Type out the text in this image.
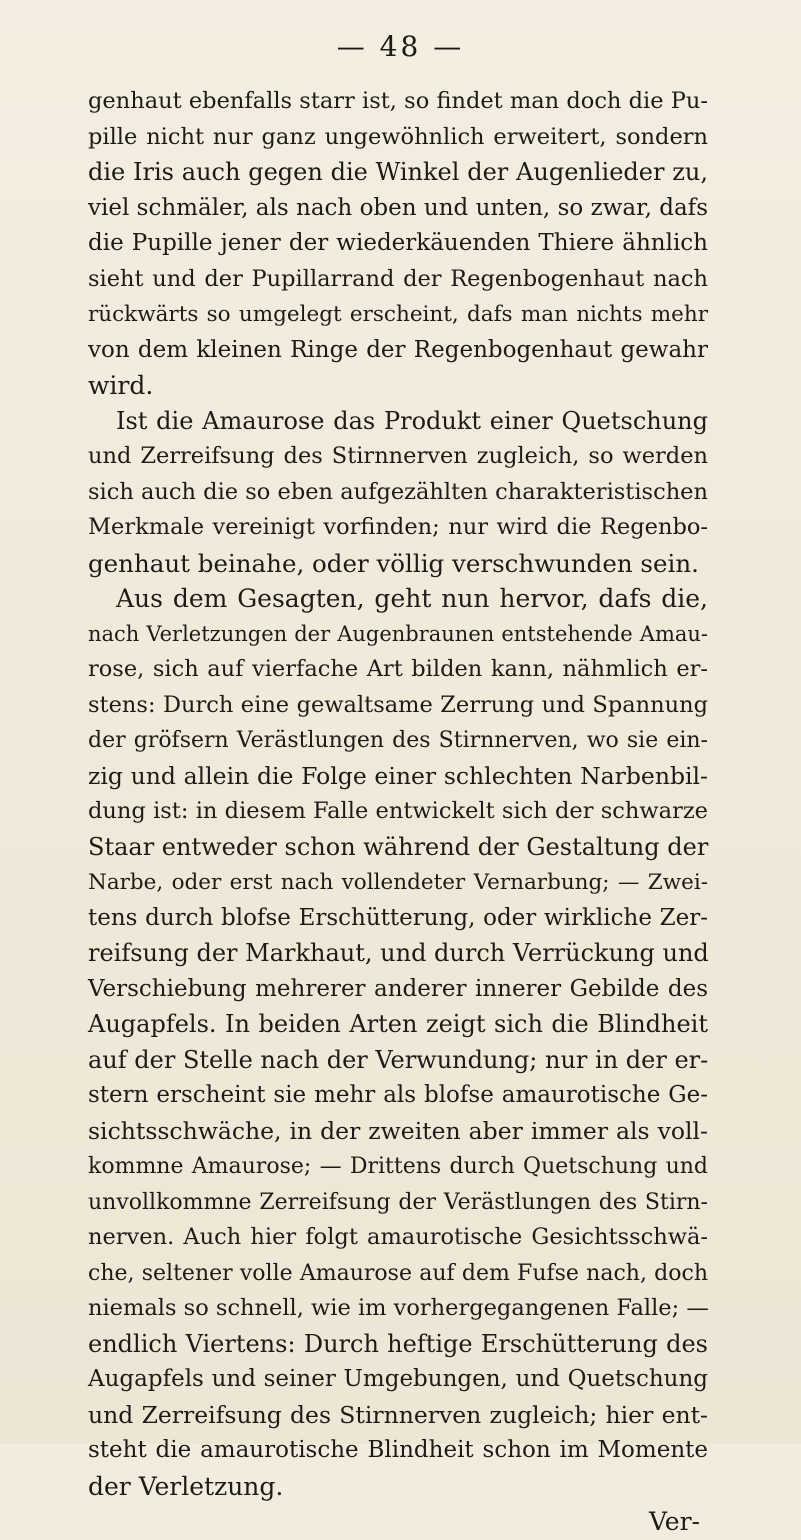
— 48 —
genhaut ebenfalls starr ist, so findet man doch die Pu-
pille nicht nur ganz ungewöhnlich erweitert, sondern
die Iris auch gegen die Winkel der Augenlieder zu,
viel schmäler, als nach oben und unten, so zwar, dafs
die Pupille jener der wiederkäuenden Thiere ähnlich
sieht und der Pupillarrand der Regenbogenhaut nach
rückwärts so umgelegt erscheint, dafs man nichts mehr
von dem kleinen Ringe der Regenbogenhaut gewahr
wird.
Ist die Amaurose das Produkt einer Quetschung
und Zerreifsung des Stirnnerven zugleich, so werden
sich auch die so eben aufgezählten charakteristischen
Merkmale vereinigt vorfinden; nur wird die Regenbo-
genhaut beinahe, oder völlig verschwunden sein.
Aus dem Gesagten, geht nun hervor, dafs die,
nach Verletzungen der Augenbraunen entstehende Amau-
rose, sich auf vierfache Art bilden kann, nähmlich er-
stens: Durch eine gewaltsame Zerrung und Spannung
der gröfsern Verästlungen des Stirnnerven, wo sie ein-
zig und allein die Folge einer schlechten Narbenbil-
dung ist: in diesem Falle entwickelt sich der schwarze
Staar entweder schon während der Gestaltung der
Narbe, oder erst nach vollendeter Vernarbung; — Zwei-
tens durch blofse Erschütterung, oder wirkliche Zer-
reifsung der Markhaut, und durch Verrückung und
Verschiebung mehrerer anderer innerer Gebilde des
Augapfels. In beiden Arten zeigt sich die Blindheit
auf der Stelle nach der Verwundung; nur in der er-
stern erscheint sie mehr als blofse amaurotische Ge-
sichtsschwäche, in der zweiten aber immer als voll-
kommne Amaurose; — Drittens durch Quetschung und
unvollkommne Zerreifsung der Verästlungen des Stirn-
nerven. Auch hier folgt amaurotische Gesichtsschwä-
che, seltener volle Amaurose auf dem Fufse nach, doch
niemals so schnell, wie im vorhergegangenen Falle; —
endlich Viertens: Durch heftige Erschütterung des
Augapfels und seiner Umgebungen, und Quetschung
und Zerreifsung des Stirnnerven zugleich; hier ent-
steht die amaurotische Blindheit schon im Momente
der Verletzung.
Ver-
